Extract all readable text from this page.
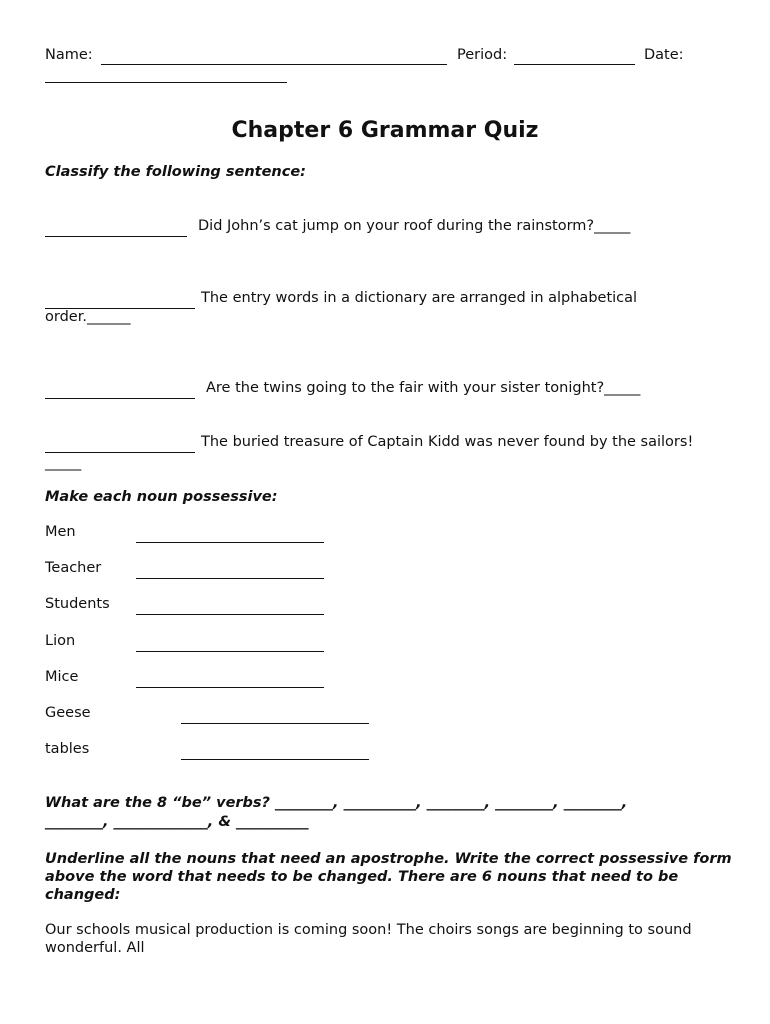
Name:	Period:	Date:
Chapter 6 Grammar Quiz
Classify the following sentence:
Did John’s cat jump on your roof during the rainstorm?_____
The entry words in a dictionary are arranged in alphabetical
order.______
Are the twins going to the fair with your sister tonight?_____
The buried treasure of Captain Kidd was never found by the sailors!
_____
Make each noun possessive:
Men
Teacher
Students
Lion
Mice
Geese
tables
What are the 8 “be” verbs? ________, __________, ________, ________, ________,
________, _____________, & __________
Underline all the nouns that need an apostrophe. Write the correct possessive form above the word that needs to be changed. There are 6 nouns that need to be changed:
Our schools musical production is coming soon! The choirs songs are beginning to sound wonderful. All
